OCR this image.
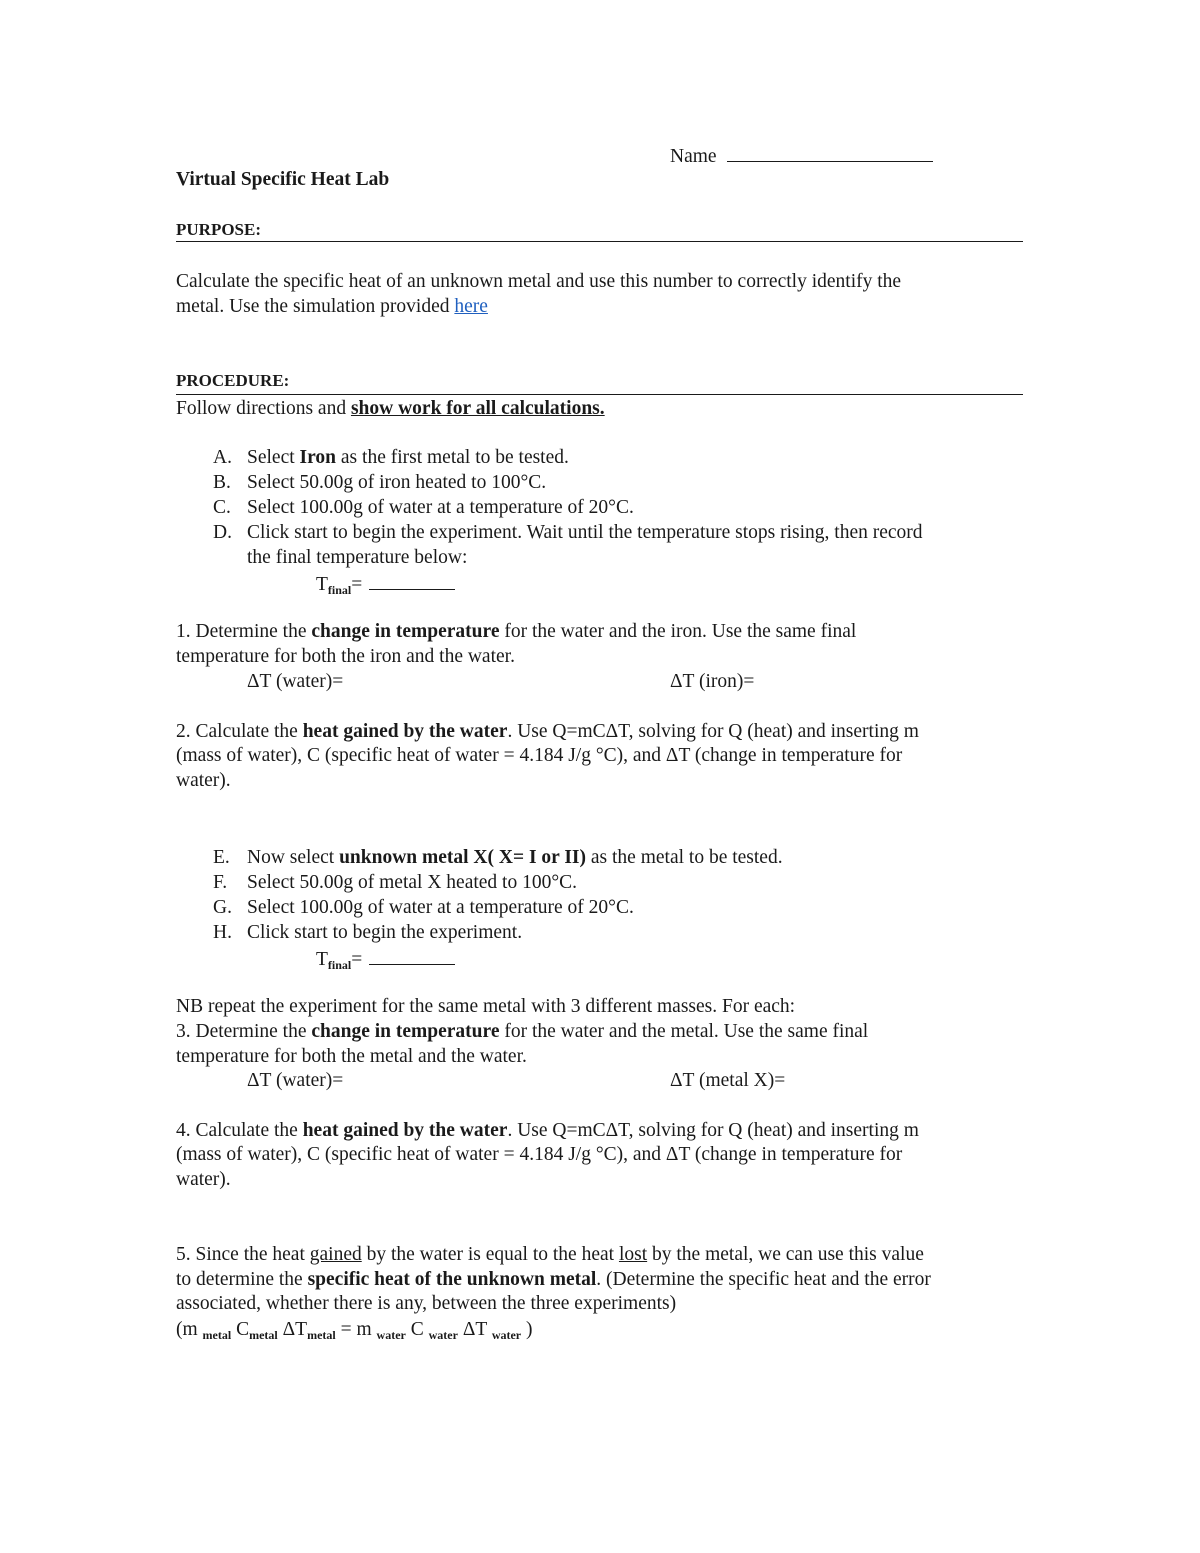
Name
Virtual Specific Heat Lab
PURPOSE:
Calculate the specific heat of an unknown metal and use this number to correctly identify the
metal. Use the simulation provided here
PROCEDURE:
Follow directions and show work for all calculations.
A. Select Iron as the first metal to be tested.
B. Select 50.00g of iron heated to 100°C.
C. Select 100.00g of water at a temperature of 20°C.
D. Click start to begin the experiment. Wait until the temperature stops rising, then record
the final temperature below:
$T_{final}=$
1. Determine the change in temperature for the water and the iron. Use the same final
temperature for both the iron and the water.
ΔT (water)=	ΔT (iron)=
2. Calculate the heat gained by the water. Use Q=mCΔT, solving for Q (heat) and inserting m
(mass of water), C (specific heat of water = 4.184 J/g °C), and ΔT (change in temperature for
water).
E. Now select unknown metal X( X= I or II) as the metal to be tested.
F.	Select 50.00g of metal X heated to 100°C.
G. Select 100.00g of water at a temperature of 20°C.
H. Click start to begin the experiment.
$T_{final}=$
NB repeat the experiment for the same metal with 3 different masses. For each:
3. Determine the change in temperature for the water and the metal. Use the same final
temperature for both the metal and the water.
ΔT (water)=	ΔT (metal X)=
4. Calculate the heat gained by the water. Use Q=mCΔT, solving for Q (heat) and inserting m
(mass of water), C (specific heat of water = 4.184 J/g °C), and ΔT (change in temperature for
water).
5. Since the heat gained by the water is equal to the heat lost by the metal, we can use this value
to determine the specific heat of the unknown metal. (Determine the specific heat and the error
associated, whether there is any, between the three experiments)
(m $_{metal}$ $C_{metal}$ $\Delta T_{metal} = m$ $_{water}$ C $_{water}$ ΔT $_{water}$ )
